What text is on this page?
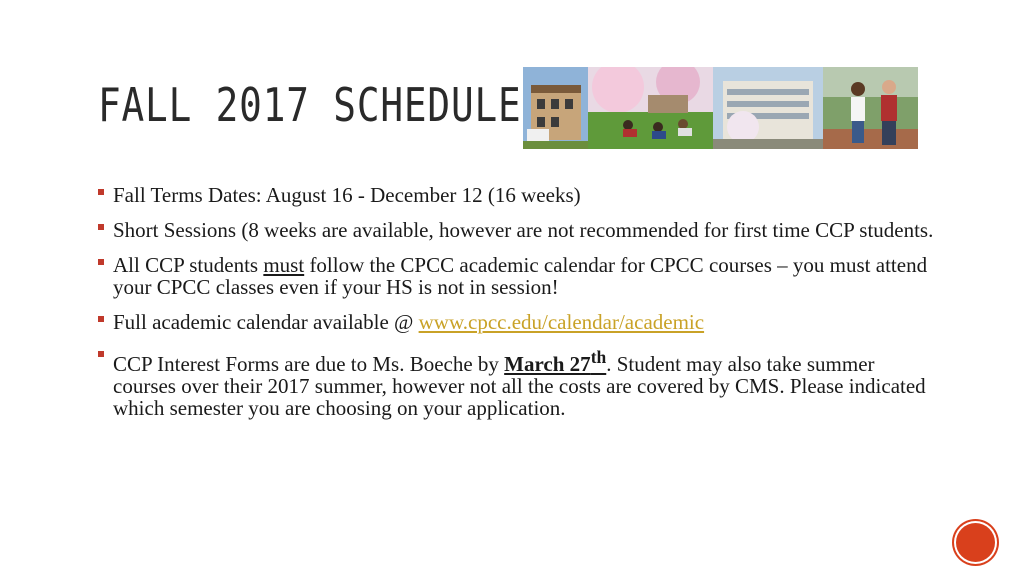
FALL 2017 SCHEDULE
Fall Terms Dates: August 16 - December 12 (16 weeks)
Short Sessions (8 weeks are available, however are not recommended for first time CCP students.
All CCP students must follow the CPCC academic calendar for CPCC courses – you must attend your CPCC classes even if your HS is not in session!
Full academic calendar available @ www.cpcc.edu/calendar/academic
CCP Interest Forms are due to Ms. Boeche by March 27th. Student may also take summer courses over their 2017 summer, however not all the costs are covered by CMS. Please indicated which semester you are choosing on your application.
